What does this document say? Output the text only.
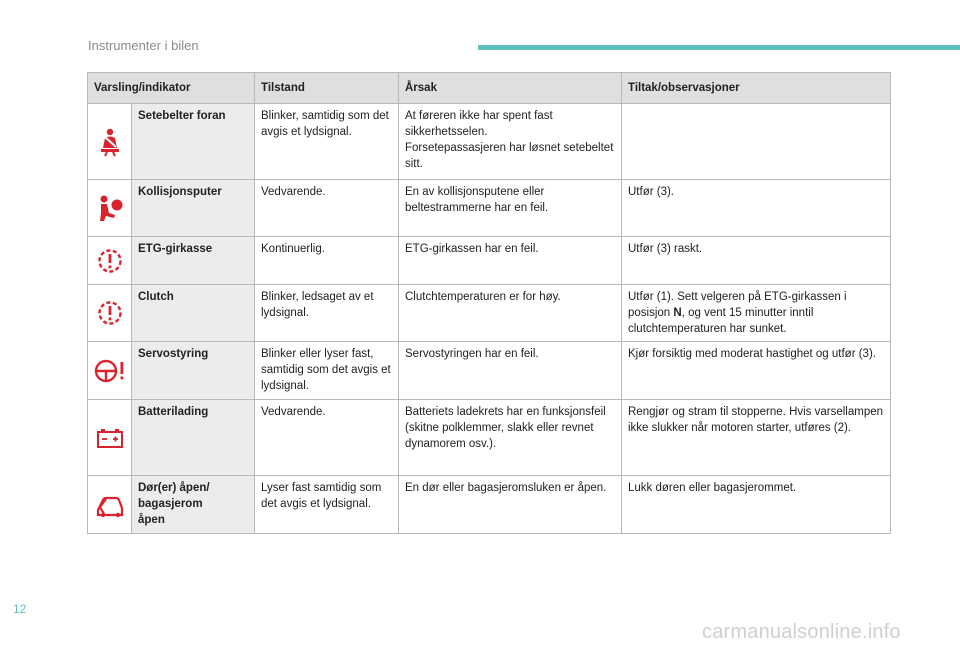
Instrumenter i bilen
Varsling/indikator		Tilstand	Årsak	Tiltak/observasjoner

	Setebelter foran	Blinker, samtidig som det avgis et lydsignal.	At føreren ikke har spent fast sikkerhetsselen.
Forsetepassasjeren har løsnet setebeltet sitt.	

	Kollisjonsputer	Vedvarende.	En av kollisjonsputene eller beltestrammerne har en feil.	Utfør (3).

	ETG-girkasse	Kontinuerlig.	ETG-girkassen har en feil.	Utfør (3) raskt.

	Clutch	Blinker, ledsaget av et lydsignal.	Clutchtemperaturen er for høy.	Utfør (1). Sett velgeren på ETG-girkassen i posisjon N, og vent 15 minutter inntil clutchtemperaturen har sunket.

	Servostyring	Blinker eller lyser fast, samtidig som det avgis et lydsignal.	Servostyringen har en feil.	Kjør forsiktig med moderat hastighet og utfør (3).

	Batterilading	Vedvarende.	Batteriets ladekrets har en funksjonsfeil (skitne polklemmer, slakk eller revnet dynamorem osv.).	Rengjør og stram til stopperne. Hvis varsellampen ikke slukker når motoren starter, utføres (2).

	Dør(er) åpen/
bagasjerom
åpen	Lyser fast samtidig som det avgis et lydsignal.	En dør eller bagasjeromsluken er åpen.	Lukk døren eller bagasjerommet.
12
carmanualsonline.info
